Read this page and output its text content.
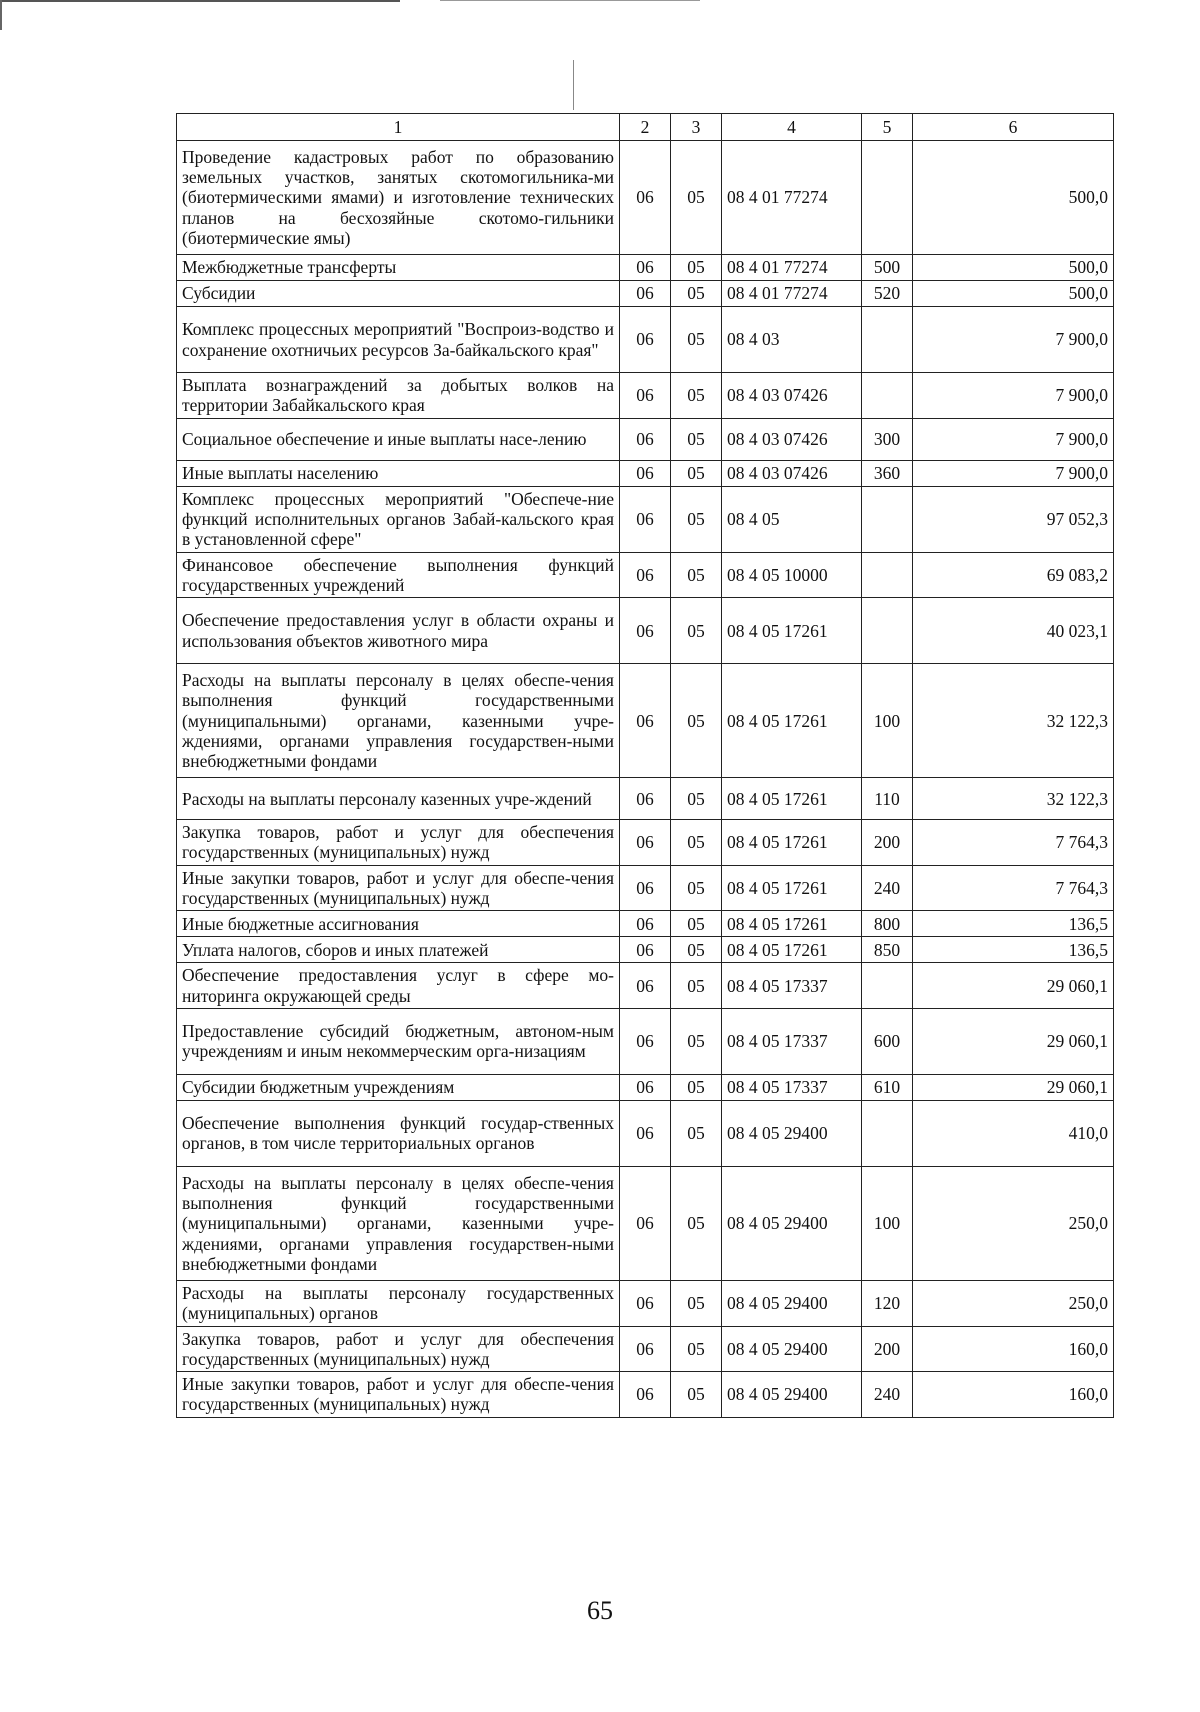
1	2	3	4	5	6
Проведение кадастровых работ по образованию земельных участков, занятых скотомогильника-ми (биотермическими ямами) и изготовление технических планов на бесхозяйные скотомо-гильники (биотермические ямы)	06	05	08 4 01 77274		500,0
Межбюджетные трансферты	06	05	08 4 01 77274	500	500,0
Субсидии	06	05	08 4 01 77274	520	500,0
Комплекс процессных мероприятий "Воспроиз-водство и сохранение охотничьих ресурсов За-байкальского края"	06	05	08 4 03		7 900,0
Выплата вознаграждений за добытых волков на территории Забайкальского края	06	05	08 4 03 07426		7 900,0
Социальное обеспечение и иные выплаты насе-лению	06	05	08 4 03 07426	300	7 900,0
Иные выплаты населению	06	05	08 4 03 07426	360	7 900,0
Комплекс процессных мероприятий "Обеспече-ние функций исполнительных органов Забай-кальского края в установленной сфере"	06	05	08 4 05		97 052,3
Финансовое обеспечение выполнения функций государственных учреждений	06	05	08 4 05 10000		69 083,2
Обеспечение предоставления услуг в области охраны и использования объектов животного мира	06	05	08 4 05 17261		40 023,1
Расходы на выплаты персоналу в целях обеспе-чения выполнения функций государственными (муниципальными) органами, казенными учре-ждениями, органами управления государствен-ными внебюджетными фондами	06	05	08 4 05 17261	100	32 122,3
Расходы на выплаты персоналу казенных учре-ждений	06	05	08 4 05 17261	110	32 122,3
Закупка товаров, работ и услуг для обеспечения государственных (муниципальных) нужд	06	05	08 4 05 17261	200	7 764,3
Иные закупки товаров, работ и услуг для обеспе-чения государственных (муниципальных) нужд	06	05	08 4 05 17261	240	7 764,3
Иные бюджетные ассигнования	06	05	08 4 05 17261	800	136,5
Уплата налогов, сборов и иных платежей	06	05	08 4 05 17261	850	136,5
Обеспечение предоставления услуг в сфере мо-ниторинга окружающей среды	06	05	08 4 05 17337		29 060,1
Предоставление субсидий бюджетным, автоном-ным учреждениям и иным некоммерческим орга-низациям	06	05	08 4 05 17337	600	29 060,1
Субсидии бюджетным учреждениям	06	05	08 4 05 17337	610	29 060,1
Обеспечение выполнения функций государ-ственных органов, в том числе территориальных органов	06	05	08 4 05 29400		410,0
Расходы на выплаты персоналу в целях обеспе-чения выполнения функций государственными (муниципальными) органами, казенными учре-ждениями, органами управления государствен-ными внебюджетными фондами	06	05	08 4 05 29400	100	250,0
Расходы на выплаты персоналу государственных (муниципальных) органов	06	05	08 4 05 29400	120	250,0
Закупка товаров, работ и услуг для обеспечения государственных (муниципальных) нужд	06	05	08 4 05 29400	200	160,0
Иные закупки товаров, работ и услуг для обеспе-чения государственных (муниципальных) нужд	06	05	08 4 05 29400	240	160,0
65
